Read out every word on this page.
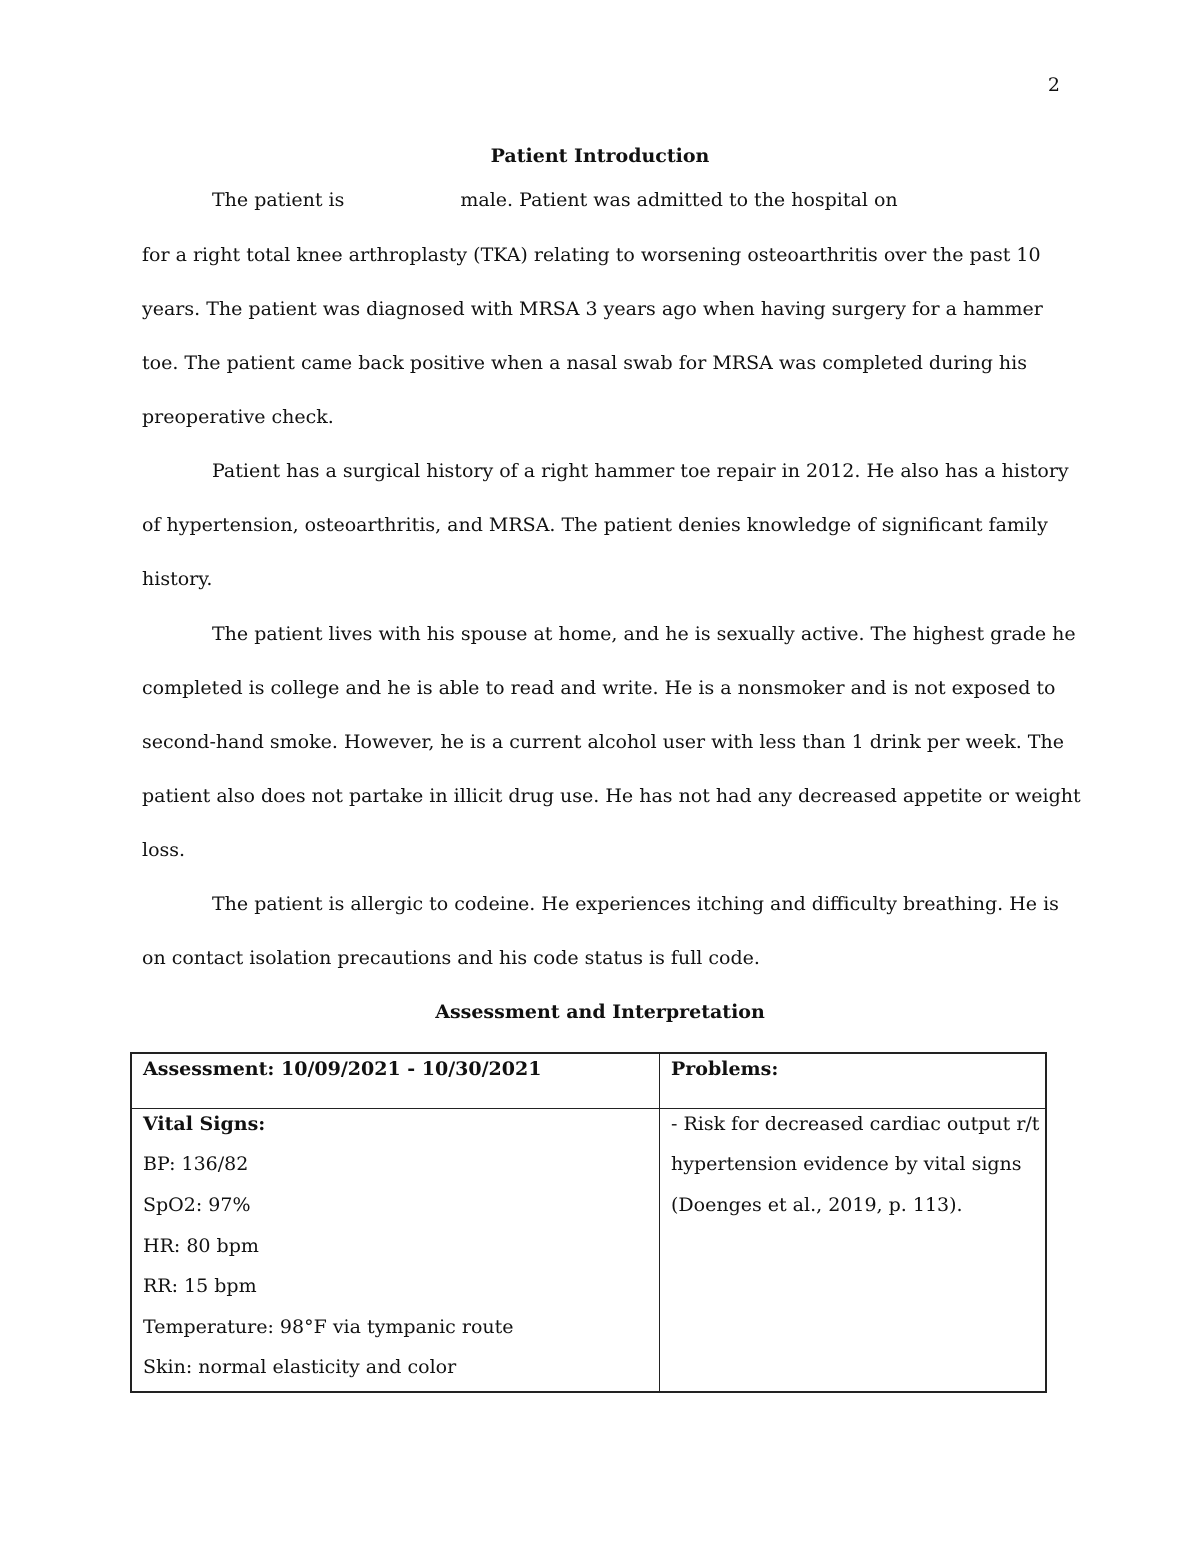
2
Patient Introduction
The patient is	male. Patient was admitted to the hospital on
for a right total knee arthroplasty (TKA) relating to worsening osteoarthritis over the past 10
years. The patient was diagnosed with MRSA 3 years ago when having surgery for a hammer
toe. The patient came back positive when a nasal swab for MRSA was completed during his
preoperative check.
Patient has a surgical history of a right hammer toe repair in 2012. He also has a history
of hypertension, osteoarthritis, and MRSA. The patient denies knowledge of significant family
history.
The patient lives with his spouse at home, and he is sexually active. The highest grade he
completed is college and he is able to read and write. He is a nonsmoker and is not exposed to
second-hand smoke. However, he is a current alcohol user with less than 1 drink per week. The
patient also does not partake in illicit drug use. He has not had any decreased appetite or weight
loss.
The patient is allergic to codeine. He experiences itching and difficulty breathing. He is
on contact isolation precautions and his code status is full code.
Assessment and Interpretation
Assessment: 10/09/2021 - 10/30/2021	Problems:
Vital Signs:
BP: 136/82
SpO2: 97%
HR: 80 bpm
RR: 15 bpm
Temperature: 98°F via tympanic route
Skin: normal elasticity and color
- Risk for decreased cardiac output r/t
hypertension evidence by vital signs
(Doenges et al., 2019, p. 113).
